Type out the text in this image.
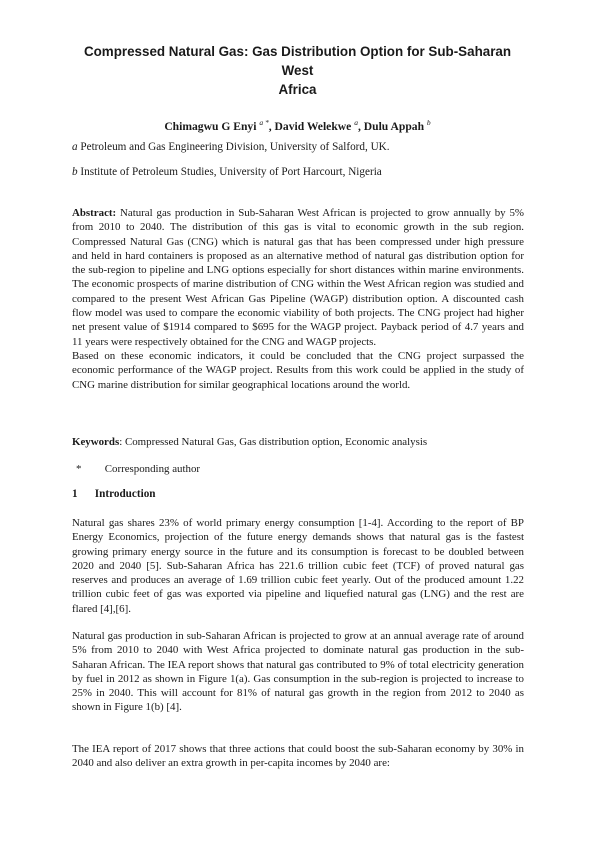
Compressed Natural Gas: Gas Distribution Option for Sub-Saharan West
Africa
Chimagwu G Enyi $^{a *}$, David Welekwe $^a$, Dulu Appah $^b$
a Petroleum and Gas Engineering Division, University of Salford, UK.
b Institute of Petroleum Studies, University of Port Harcourt, Nigeria
Abstract: Natural gas production in Sub-Saharan West African is projected to grow annually by 5% from 2010 to 2040. The distribution of this gas is vital to economic growth in the sub region. Compressed Natural Gas (CNG) which is natural gas that has been compressed under high pressure and held in hard containers is proposed as an alternative method of natural gas distribution option for the sub-region to pipeline and LNG options especially for short distances within marine environments. The economic prospects of marine distribution of CNG within the West African region was studied and compared to the present West African Gas Pipeline (WAGP) distribution option. A discounted cash flow model was used to compare the economic viability of both projects. The CNG project had higher net present value of $1914 compared to $695 for the WAGP project. Payback period of 4.7 years and 11 years were respectively obtained for the CNG and WAGP projects.
Based on these economic indicators, it could be concluded that the CNG project surpassed the economic performance of the WAGP project. Results from this work could be applied in the study of CNG marine distribution for similar geographical locations around the world.
Keywords: Compressed Natural Gas, Gas distribution option, Economic analysis
* Corresponding author
1 Introduction
Natural gas shares 23% of world primary energy consumption [1-4]. According to the report of BP Energy Economics, projection of the future energy demands shows that natural gas is the fastest growing primary energy source in the future and its consumption is forecast to be doubled between 2020 and 2040 [5]. Sub-Saharan Africa has 221.6 trillion cubic feet (TCF) of proved natural gas reserves and produces an average of 1.69 trillion cubic feet yearly. Out of the produced amount 1.22 trillion cubic feet of gas was exported via pipeline and liquefied natural gas (LNG) and the rest are flared [4],[6].
Natural gas production in sub-Saharan African is projected to grow at an annual average rate of around 5% from 2010 to 2040 with West Africa projected to dominate natural gas production in the sub-Saharan African. The IEA report shows that natural gas contributed to 9% of total electricity generation by fuel in 2012 as shown in Figure 1(a). Gas consumption in the sub-region is projected to increase to 25% in 2040. This will account for 81% of natural gas growth in the region from 2012 to 2040 as shown in Figure 1(b) [4].
The IEA report of 2017 shows that three actions that could boost the sub-Saharan economy by 30% in 2040 and also deliver an extra growth in per-capita incomes by 2040 are:
